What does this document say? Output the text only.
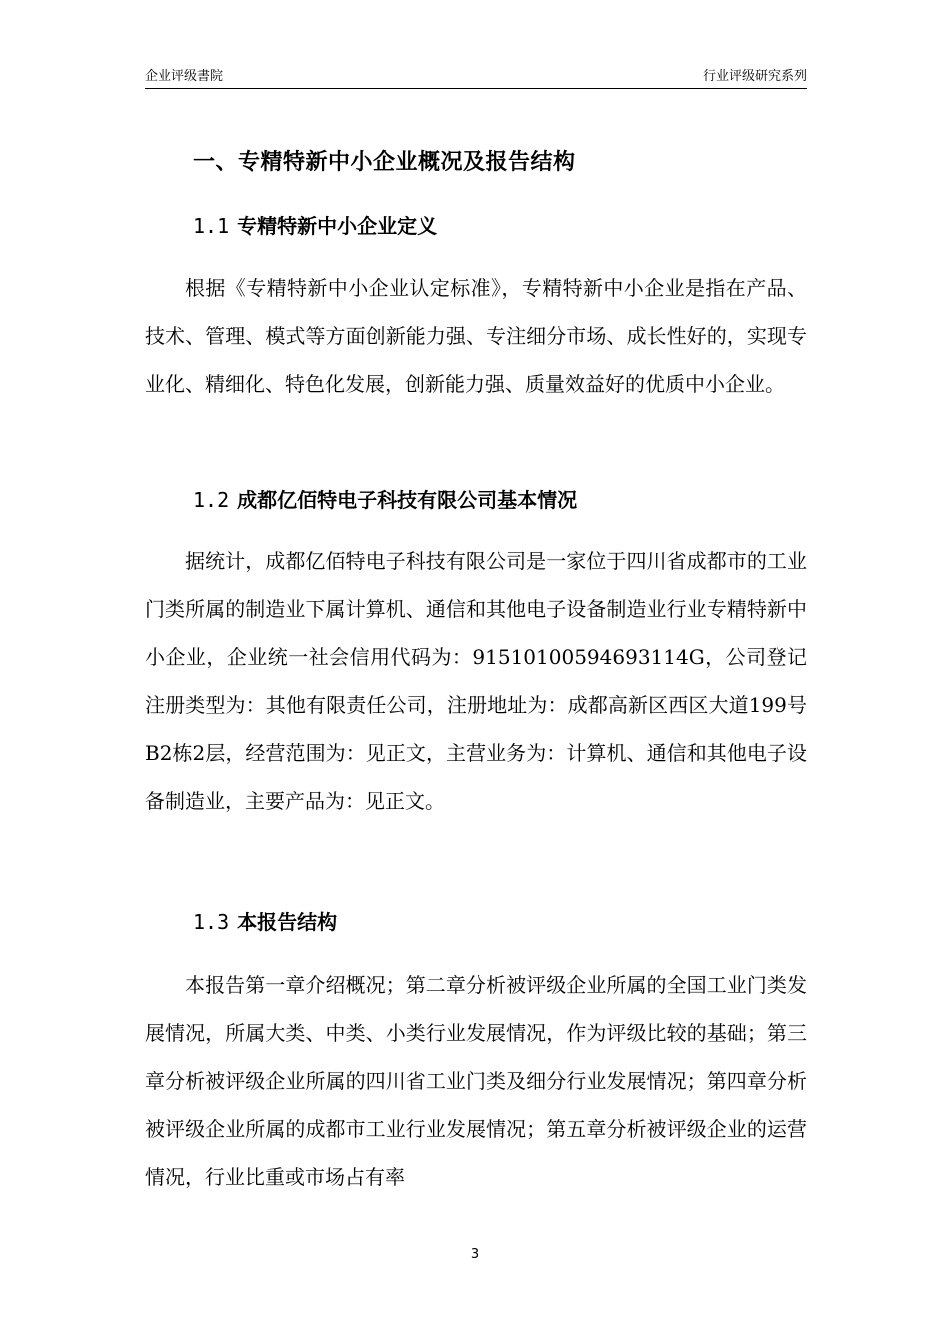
企业评级書院	行业评级研究系列
一、专精特新中小企业概况及报告结构
1.1 专精特新中小企业定义

根据《专精特新中小企业认定标准》，专精特新中小企业是指在产品、技术、管理、模式等方面创新能力强、专注细分市场、成长性好的，实现专业化、精细化、特色化发展，创新能力强、质量效益好的优质中小企业。

1.2 成都亿佰特电子科技有限公司基本情况

据统计，成都亿佰特电子科技有限公司是一家位于四川省成都市的工业门类所属的制造业下属计算机、通信和其他电子设备制造业行业专精特新中小企业，企业统一社会信用代码为：91510100594693114G，公司登记注册类型为：其他有限责任公司，注册地址为：成都高新区西区大道199号B2栋2层，经营范围为：见正文，主营业务为：计算机、通信和其他电子设备制造业，主要产品为：见正文。

1.3 本报告结构

本报告第一章介绍概况；第二章分析被评级企业所属的全国工业门类发展情况，所属大类、中类、小类行业发展情况，作为评级比较的基础；第三章分析被评级企业所属的四川省工业门类及细分行业发展情况；第四章分析被评级企业所属的成都市工业行业发展情况；第五章分析被评级企业的运营情况，行业比重或市场占有率

3
